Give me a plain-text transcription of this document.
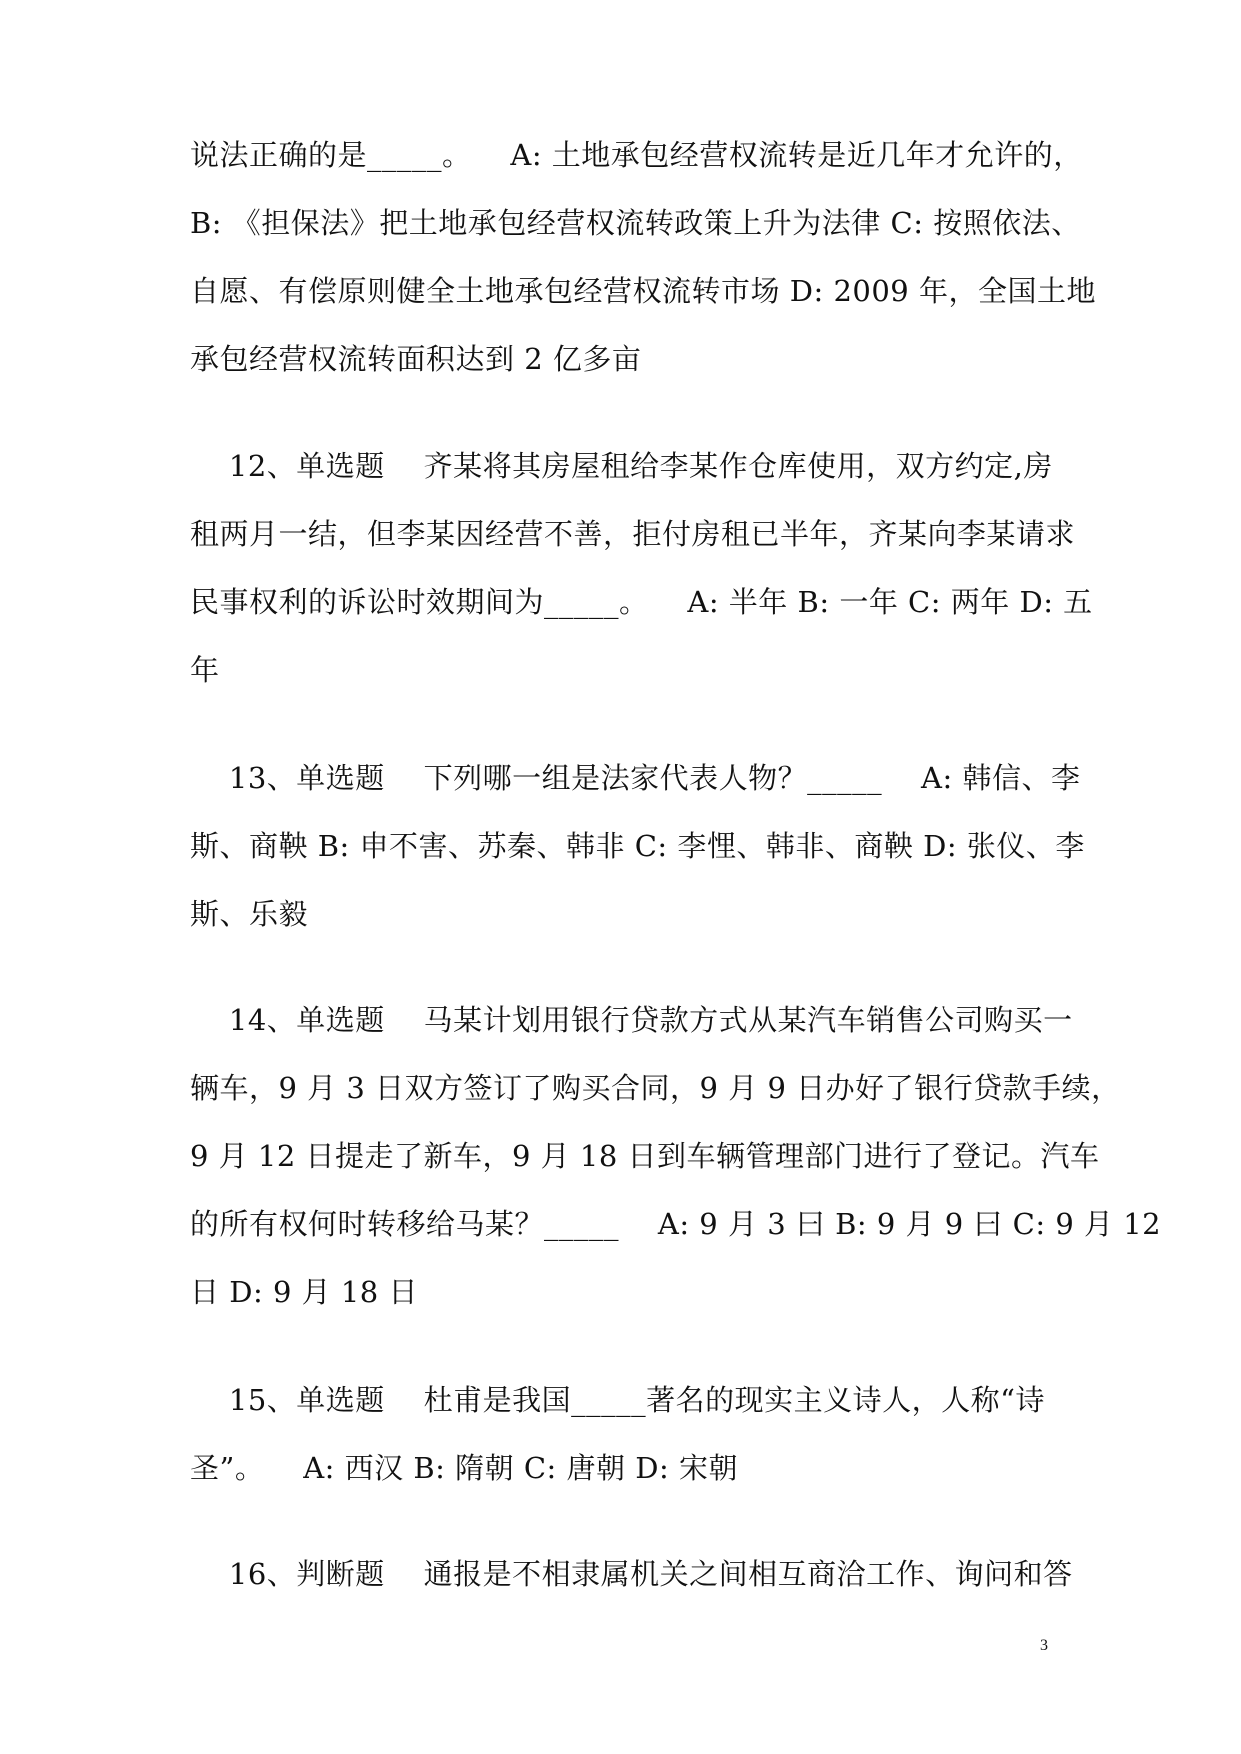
说法正确的是_____。    A: 土地承包经营权流转是近几年才允许的，
B: 《担保法》把土地承包经营权流转政策上升为法律 C: 按照依法、
自愿、有偿原则健全土地承包经营权流转市场 D: 2009 年，全国土地
承包经营权流转面积达到 2 亿多亩
12、单选题    齐某将其房屋租给李某作仓库使用，双方约定,房
租两月一结，但李某因经营不善，拒付房租已半年，齐某向李某请求
民事权利的诉讼时效期间为_____。    A: 半年 B: 一年 C: 两年 D: 五
年
13、单选题    下列哪一组是法家代表人物？_____    A: 韩信、李
斯、商鞅 B: 申不害、苏秦、韩非 C: 李悝、韩非、商鞅 D: 张仪、李
斯、乐毅
14、单选题    马某计划用银行贷款方式从某汽车销售公司购买一
辆车，9 月 3 日双方签订了购买合同，9 月 9 日办好了银行贷款手续，
9 月 12 日提走了新车，9 月 18 日到车辆管理部门进行了登记。汽车
的所有权何时转移给马某？_____    A: 9 月 3 曰 B: 9 月 9 曰 C: 9 月 12
日 D: 9 月 18 日
15、单选题    杜甫是我国_____著名的现实主义诗人，人称“诗
圣”。    A: 西汉 B: 隋朝 C: 唐朝 D: 宋朝
16、判断题    通报是不相隶属机关之间相互商洽工作、询问和答
3
